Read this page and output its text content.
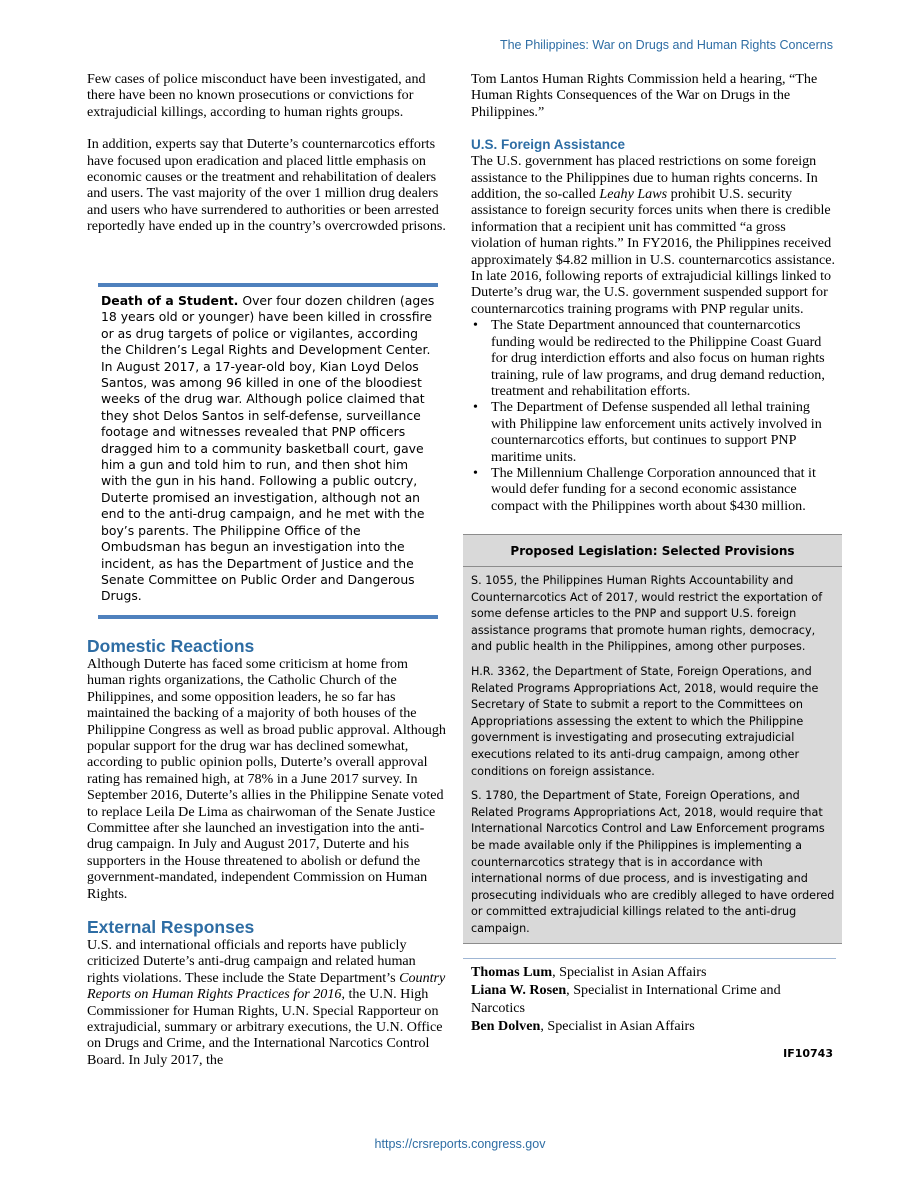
The Philippines: War on Drugs and Human Rights Concerns

Few cases of police misconduct have been investigated, and there have been no known prosecutions or convictions for extrajudicial killings, according to human rights groups.

In addition, experts say that Duterte’s counternarcotics efforts have focused upon eradication and placed little emphasis on economic causes or the treatment and rehabilitation of dealers and users. The vast majority of the over 1 million drug dealers and users who have surrendered to authorities or been arrested reportedly have ended up in the country’s overcrowded prisons.

Death of a Student. Over four dozen children (ages 18 years old or younger) have been killed in crossfire or as drug targets of police or vigilantes, according the Children’s Legal Rights and Development Center. In August 2017, a 17-year-old boy, Kian Loyd Delos Santos, was among 96 killed in one of the bloodiest weeks of the drug war. Although police claimed that they shot Delos Santos in self-defense, surveillance footage and witnesses revealed that PNP officers dragged him to a community basketball court, gave him a gun and told him to run, and then shot him with the gun in his hand. Following a public outcry, Duterte promised an investigation, although not an end to the anti-drug campaign, and he met with the boy’s parents. The Philippine Office of the Ombudsman has begun an investigation into the incident, as has the Department of Justice and the Senate Committee on Public Order and Dangerous Drugs.
Domestic Reactions

Although Duterte has faced some criticism at home from human rights organizations, the Catholic Church of the Philippines, and some opposition leaders, he so far has maintained the backing of a majority of both houses of the Philippine Congress as well as broad public approval. Although popular support for the drug war has declined somewhat, according to public opinion polls, Duterte’s overall approval rating has remained high, at 78% in a June 2017 survey. In September 2016, Duterte’s allies in the Philippine Senate voted to replace Leila De Lima as chairwoman of the Senate Justice Committee after she launched an investigation into the anti-drug campaign. In July and August 2017, Duterte and his supporters in the House threatened to abolish or defund the government-mandated, independent Commission on Human Rights.

External Responses

U.S. and international officials and reports have publicly criticized Duterte’s anti-drug campaign and related human rights violations. These include the State Department’s Country Reports on Human Rights Practices for 2016, the U.N. High Commissioner for Human Rights, U.N. Special Rapporteur on extrajudicial, summary or arbitrary executions, the U.N. Office on Drugs and Crime, and the International Narcotics Control Board. In July 2017, the

Tom Lantos Human Rights Commission held a hearing, “The Human Rights Consequences of the War on Drugs in the Philippines.”

U.S. Foreign Assistance

The U.S. government has placed restrictions on some foreign assistance to the Philippines due to human rights concerns. In addition, the so-called Leahy Laws prohibit U.S. security assistance to foreign security forces units when there is credible information that a recipient unit has committed “a gross violation of human rights.” In FY2016, the Philippines received approximately $4.82 million in U.S. counternarcotics assistance. In late 2016, following reports of extrajudicial killings linked to Duterte’s drug war, the U.S. government suspended support for counternarcotics training programs with PNP regular units.

• The State Department announced that counternarcotics funding would be redirected to the Philippine Coast Guard for drug interdiction efforts and also focus on human rights training, rule of law programs, and drug demand reduction, treatment and rehabilitation efforts.
• The Department of Defense suspended all lethal training with Philippine law enforcement units actively involved in counternarcotics efforts, but continues to support PNP maritime units.
• The Millennium Challenge Corporation announced that it would defer funding for a second economic assistance compact with the Philippines worth about $430 million.
Proposed Legislation: Selected Provisions

S. 1055, the Philippines Human Rights Accountability and Counternarcotics Act of 2017, would restrict the exportation of some defense articles to the PNP and support U.S. foreign assistance programs that promote human rights, democracy, and public health in the Philippines, among other purposes.

H.R. 3362, the Department of State, Foreign Operations, and Related Programs Appropriations Act, 2018, would require the Secretary of State to submit a report to the Committees on Appropriations assessing the extent to which the Philippine government is investigating and prosecuting extrajudicial executions related to its anti-drug campaign, among other conditions on foreign assistance.

S. 1780, the Department of State, Foreign Operations, and Related Programs Appropriations Act, 2018, would require that International Narcotics Control and Law Enforcement programs be made available only if the Philippines is implementing a counternarcotics strategy that is in accordance with international norms of due process, and is investigating and prosecuting individuals who are credibly alleged to have ordered or committed extrajudicial killings related to the anti-drug campaign.

Thomas Lum, Specialist in Asian Affairs
Liana W. Rosen, Specialist in International Crime and Narcotics
Ben Dolven, Specialist in Asian Affairs
IF10743
https://crsreports.congress.gov
